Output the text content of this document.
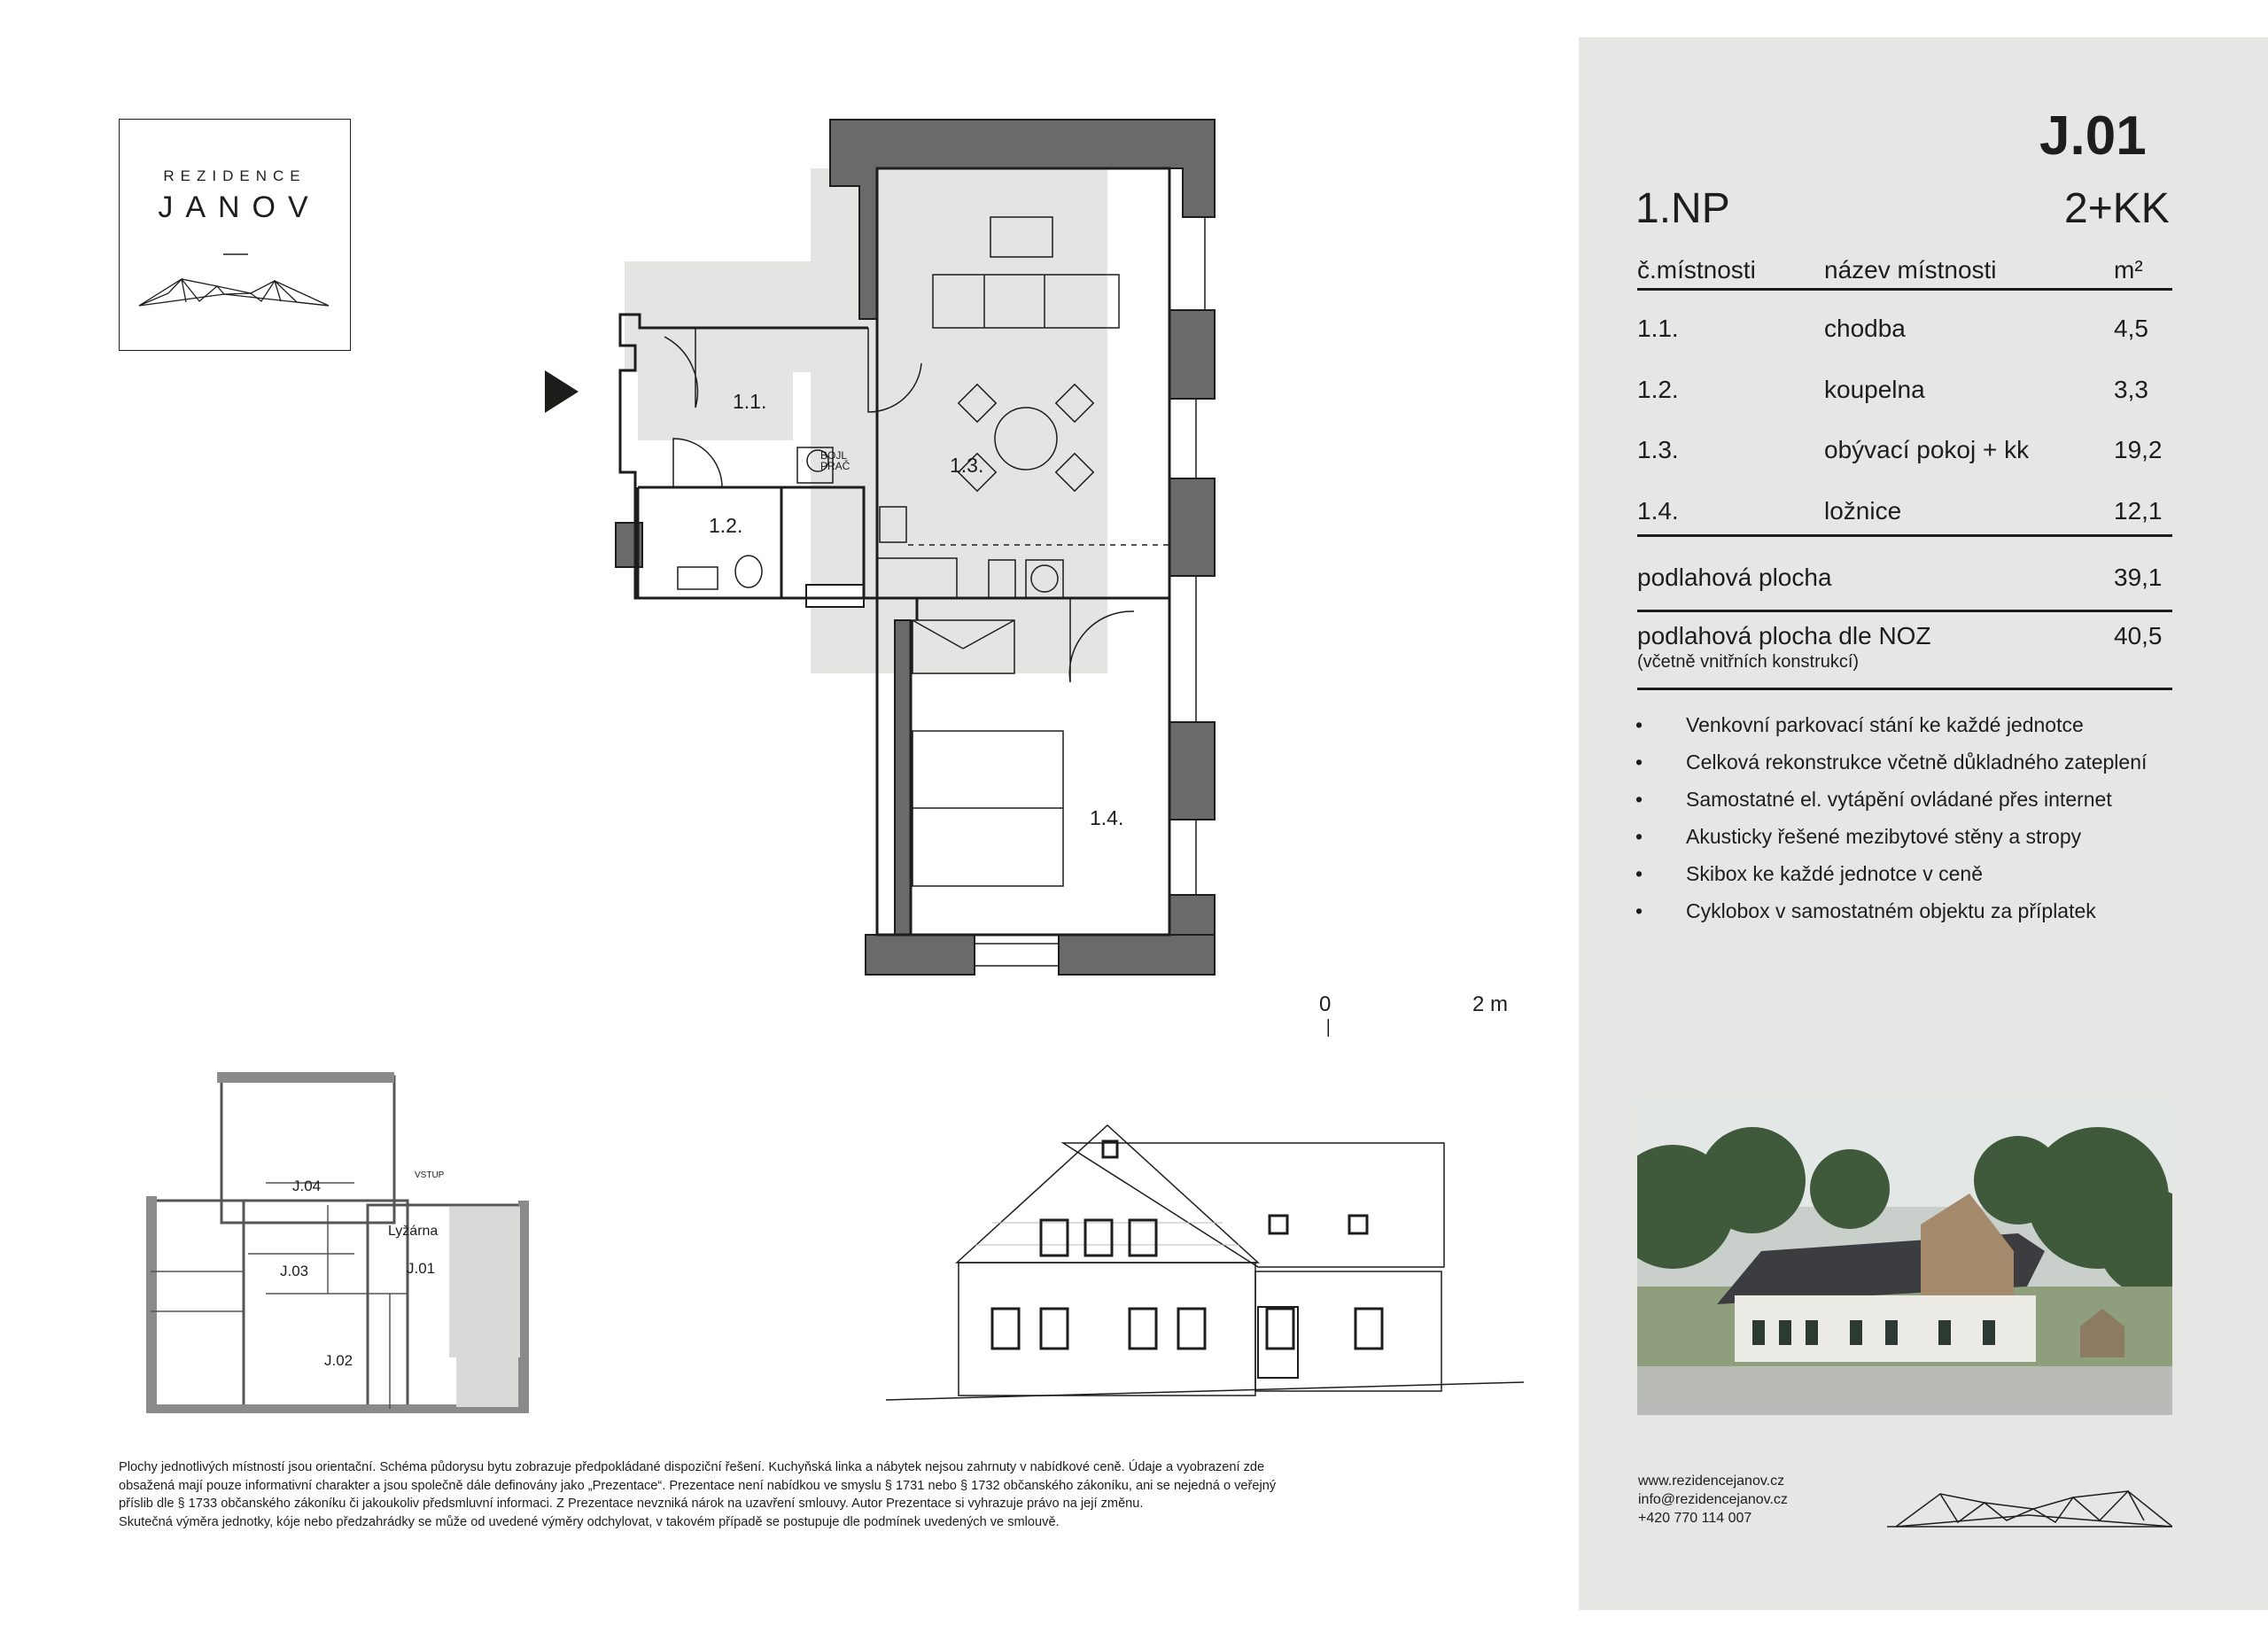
REZIDENCE
JANOV
1.1.
1.2.
1.3.
1.4.
BOJL
PRAČ
0	2 m
VSTUP
J.04
J.03
J.02
J.01
Lyžárna
J.01
1.NP	2+KK
č.místnosti	název místnosti	m²
1.1.	chodba	4,5
1.2.	koupelna	3,3
1.3.	obývací pokoj + kk	19,2
1.4.	ložnice	12,1
podlahová plocha	39,1
podlahová plocha dle NOZ
(včetně vnitřních konstrukcí)
40,5
• Venkovní parkovací stání ke každé jednotce
• Celková rekonstrukce včetně důkladného zateplení
• Samostatné el. vytápění ovládané přes internet
• Akusticky řešené mezibytové stěny a stropy
• Skibox ke každé jednotce v ceně
• Cyklobox v samostatném objektu za příplatek
www.rezidencejanov.cz
info@rezidencejanov.cz
+420 770 114 007
Plochy jednotlivých místností jsou orientační. Schéma půdorysu bytu zobrazuje předpokládané dispoziční řešení. Kuchyňská linka a nábytek nejsou zahrnuty v nabídkové ceně. Údaje a vyobrazení zde
obsažená mají pouze informativní charakter a jsou společně dále definovány jako „Prezentace“. Prezentace není nabídkou ve smyslu § 1731 nebo § 1732 občanského zákoníku, ani se nejedná o veřejný
příslib dle § 1733 občanského zákoníku či jakoukoliv předsmluvní informaci. Z Prezentace nevzniká nárok na uzavření smlouvy. Autor Prezentace si vyhrazuje právo na její změnu.
Skutečná výměra jednotky, kóje nebo předzahrádky se může od uvedené výměry odchylovat, v takovém případě se postupuje dle podmínek uvedených ve smlouvě.
